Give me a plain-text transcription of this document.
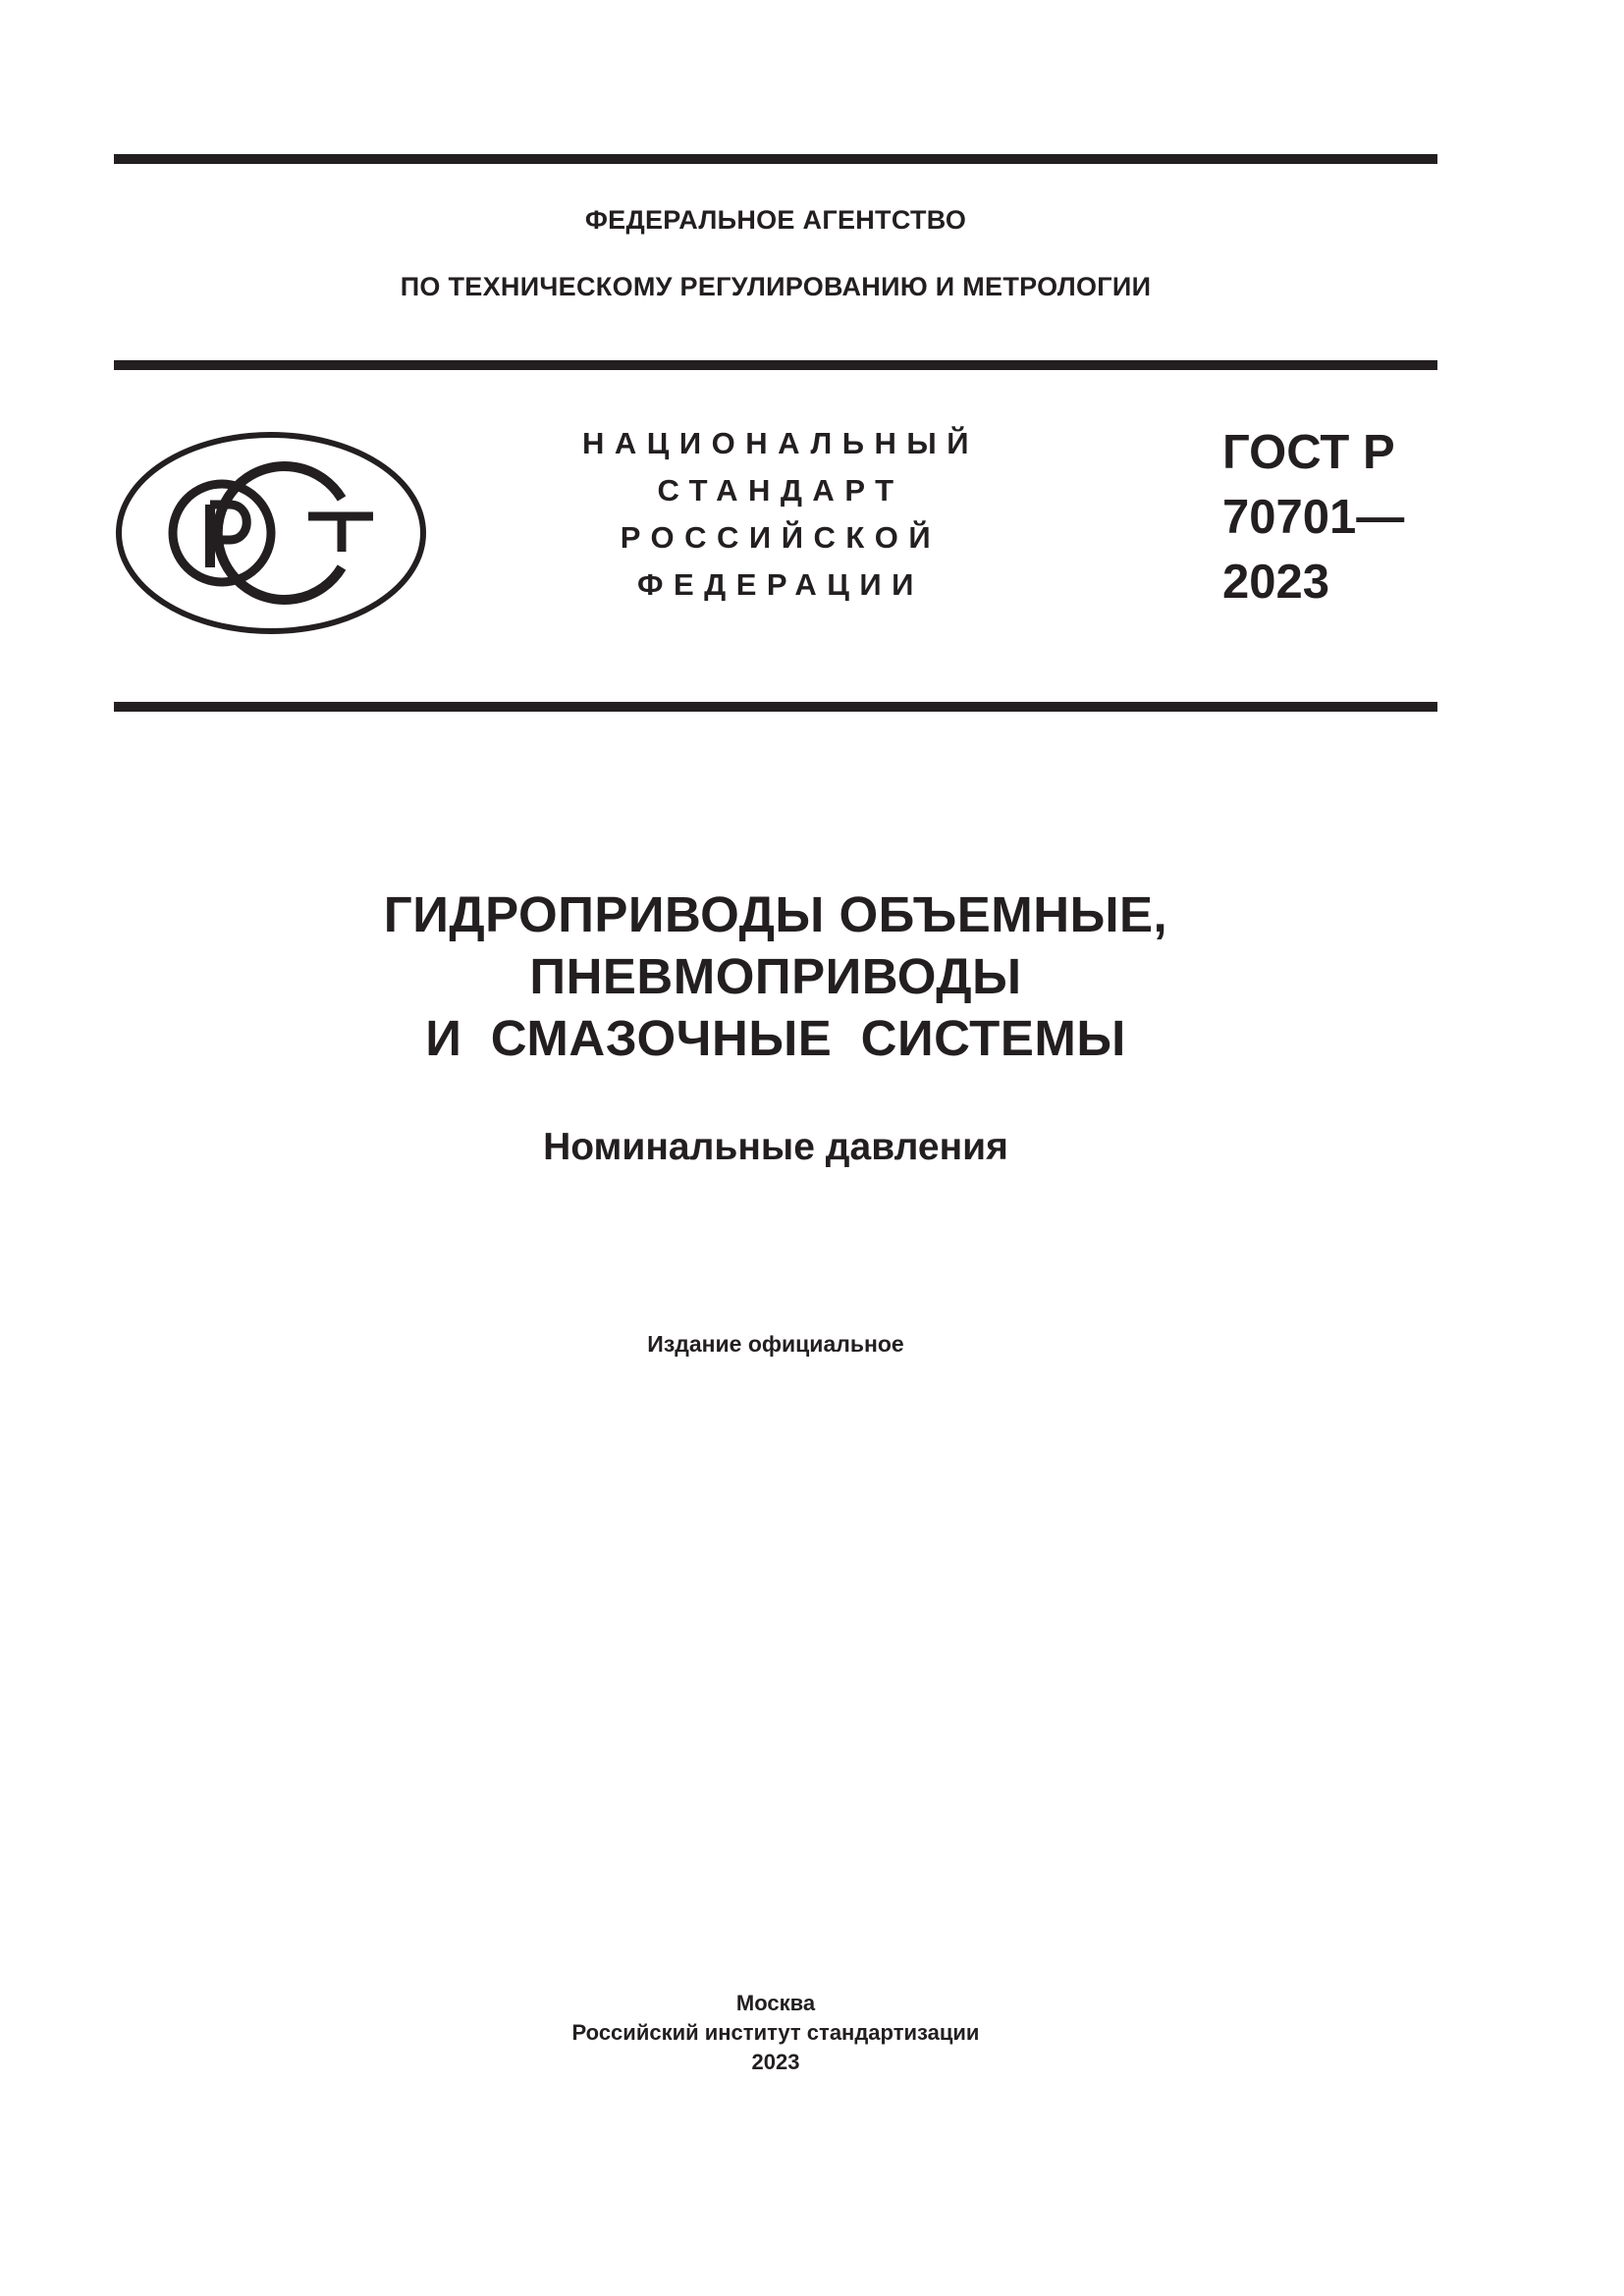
ФЕДЕРАЛЬНОЕ АГЕНТСТВО
ПО ТЕХНИЧЕСКОМУ РЕГУЛИРОВАНИЮ И МЕТРОЛОГИИ
НАЦИОНАЛЬНЫЙ
СТАНДАРТ
РОССИЙСКОЙ
ФЕДЕРАЦИИ
ГОСТ Р
70701—
2023
ГИДРОПРИВОДЫ ОБЪЕМНЫЕ,
ПНЕВМОПРИВОДЫ
И  СМАЗОЧНЫЕ  СИСТЕМЫ
Номинальные давления
Издание официальное
Москва
Российский институт стандартизации
2023
